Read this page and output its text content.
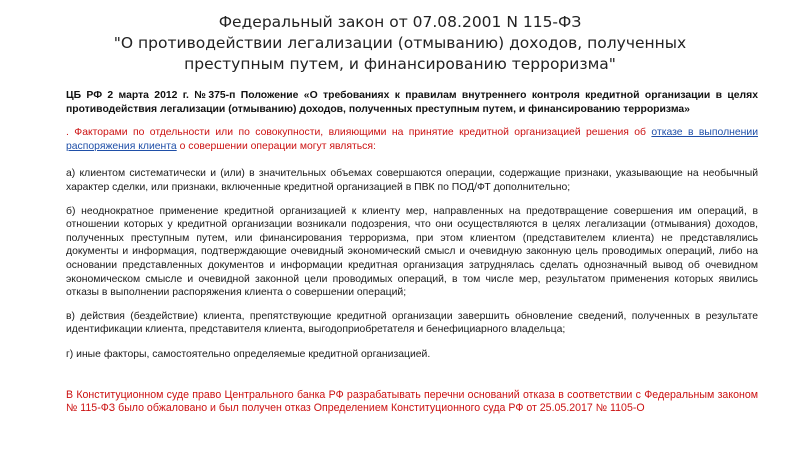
Федеральный закон от 07.08.2001 N 115-ФЗ
"О противодействии легализации (отмыванию) доходов, полученных
преступным путем, и финансированию терроризма"

ЦБ РФ 2 марта 2012 г. №375-п Положение «О требованиях к правилам внутреннего контроля кредитной организации в целях противодействия легализации (отмыванию) доходов, полученных преступным путем, и финансированию терроризма»

. Факторами по отдельности или по совокупности, влияющими на принятие кредитной организацией решения об отказе в выполнении распоряжения клиента о совершении операции могут являться:

а) клиентом систематически и (или) в значительных объемах совершаются операции, содержащие признаки, указывающие на необычный характер сделки, или признаки, включенные кредитной организацией в ПВК по ПОД/ФТ дополнительно;

б) неоднократное применение кредитной организацией к клиенту мер, направленных на предотвращение совершения им операций, в отношении которых у кредитной организации возникали подозрения, что они осуществляются в целях легализации (отмывания) доходов, полученных преступным путем, или финансирования терроризма, при этом клиентом (представителем клиента) не представлялись документы и информация, подтверждающие очевидный экономический смысл и очевидную законную цель проводимых операций, либо на основании представленных документов и информации кредитная организация затруднялась сделать однозначный вывод об очевидном экономическом смысле и очевидной законной цели проводимых операций, в том числе мер, результатом применения которых явились отказы в выполнении распоряжения клиента о совершении операций;

в) действия (бездействие) клиента, препятствующие кредитной организации завершить обновление сведений, полученных в результате идентификации клиента, представителя клиента, выгодоприобретателя и бенефициарного владельца;

г) иные факторы, самостоятельно определяемые кредитной организацией.

В Конституционном суде право Центрального банка РФ разрабатывать перечни оснований отказа в соответствии с Федеральным законом № 115-ФЗ было обжаловано и был получен отказ Определением Конституционного суда РФ от 25.05.2017 № 1105-О
